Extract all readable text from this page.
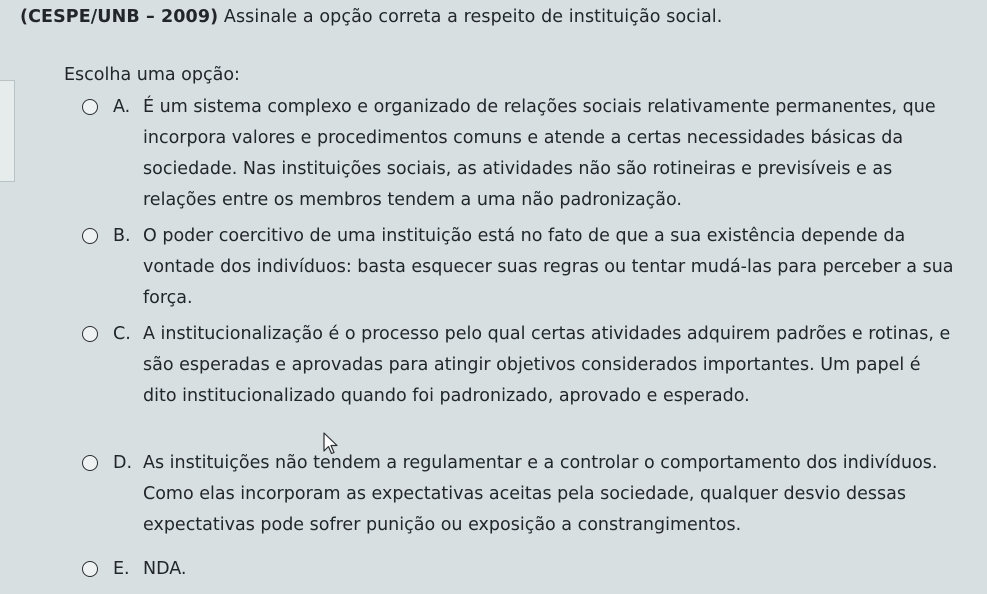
(CESPE/UNB – 2009) Assinale a opção correta a respeito de instituição social.
Escolha uma opção:
A. É um sistema complexo e organizado de relações sociais relativamente permanentes, que incorpora valores e procedimentos comuns e atende a certas necessidades básicas da sociedade. Nas instituições sociais, as atividades não são rotineiras e previsíveis e as relações entre os membros tendem a uma não padronização.
B. O poder coercitivo de uma instituição está no fato de que a sua existência depende da vontade dos indivíduos: basta esquecer suas regras ou tentar mudá-las para perceber a sua força.
C. A institucionalização é o processo pelo qual certas atividades adquirem padrões e rotinas, e são esperadas e aprovadas para atingir objetivos considerados importantes. Um papel é dito institucionalizado quando foi padronizado, aprovado e esperado.
D. As instituições não tendem a regulamentar e a controlar o comportamento dos indivíduos. Como elas incorporam as expectativas aceitas pela sociedade, qualquer desvio dessas expectativas pode sofrer punição ou exposição a constrangimentos.
E. NDA.
